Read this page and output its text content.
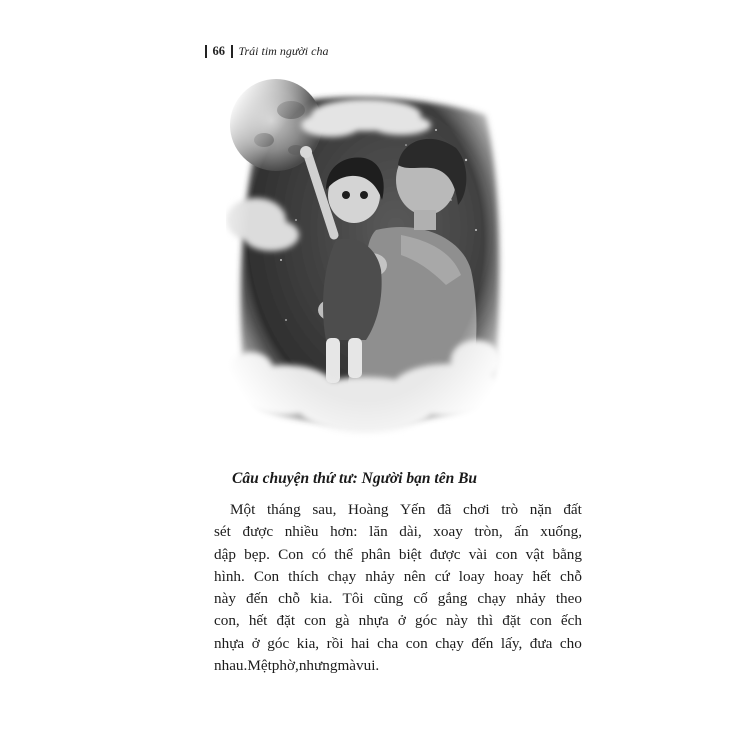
66 Trái tim người cha
Câu chuyện thứ tư: Người bạn tên Bu
Một tháng sau, Hoàng Yến đã chơi trò nặn đất
sét được nhiều hơn: lăn dài, xoay tròn, ấn xuống,
dập bẹp. Con có thể phân biệt được vài con vật bằng
hình. Con thích chạy nhảy nên cứ loay hoay hết chỗ
này đến chỗ kia. Tôi cũng cố gắng chạy nhảy theo
con, hết đặt con gà nhựa ở góc này thì đặt con ếch
nhựa ở góc kia, rồi hai cha con chạy đến lấy, đưa cho
nhau. Mệt phờ, nhưng mà vui.
